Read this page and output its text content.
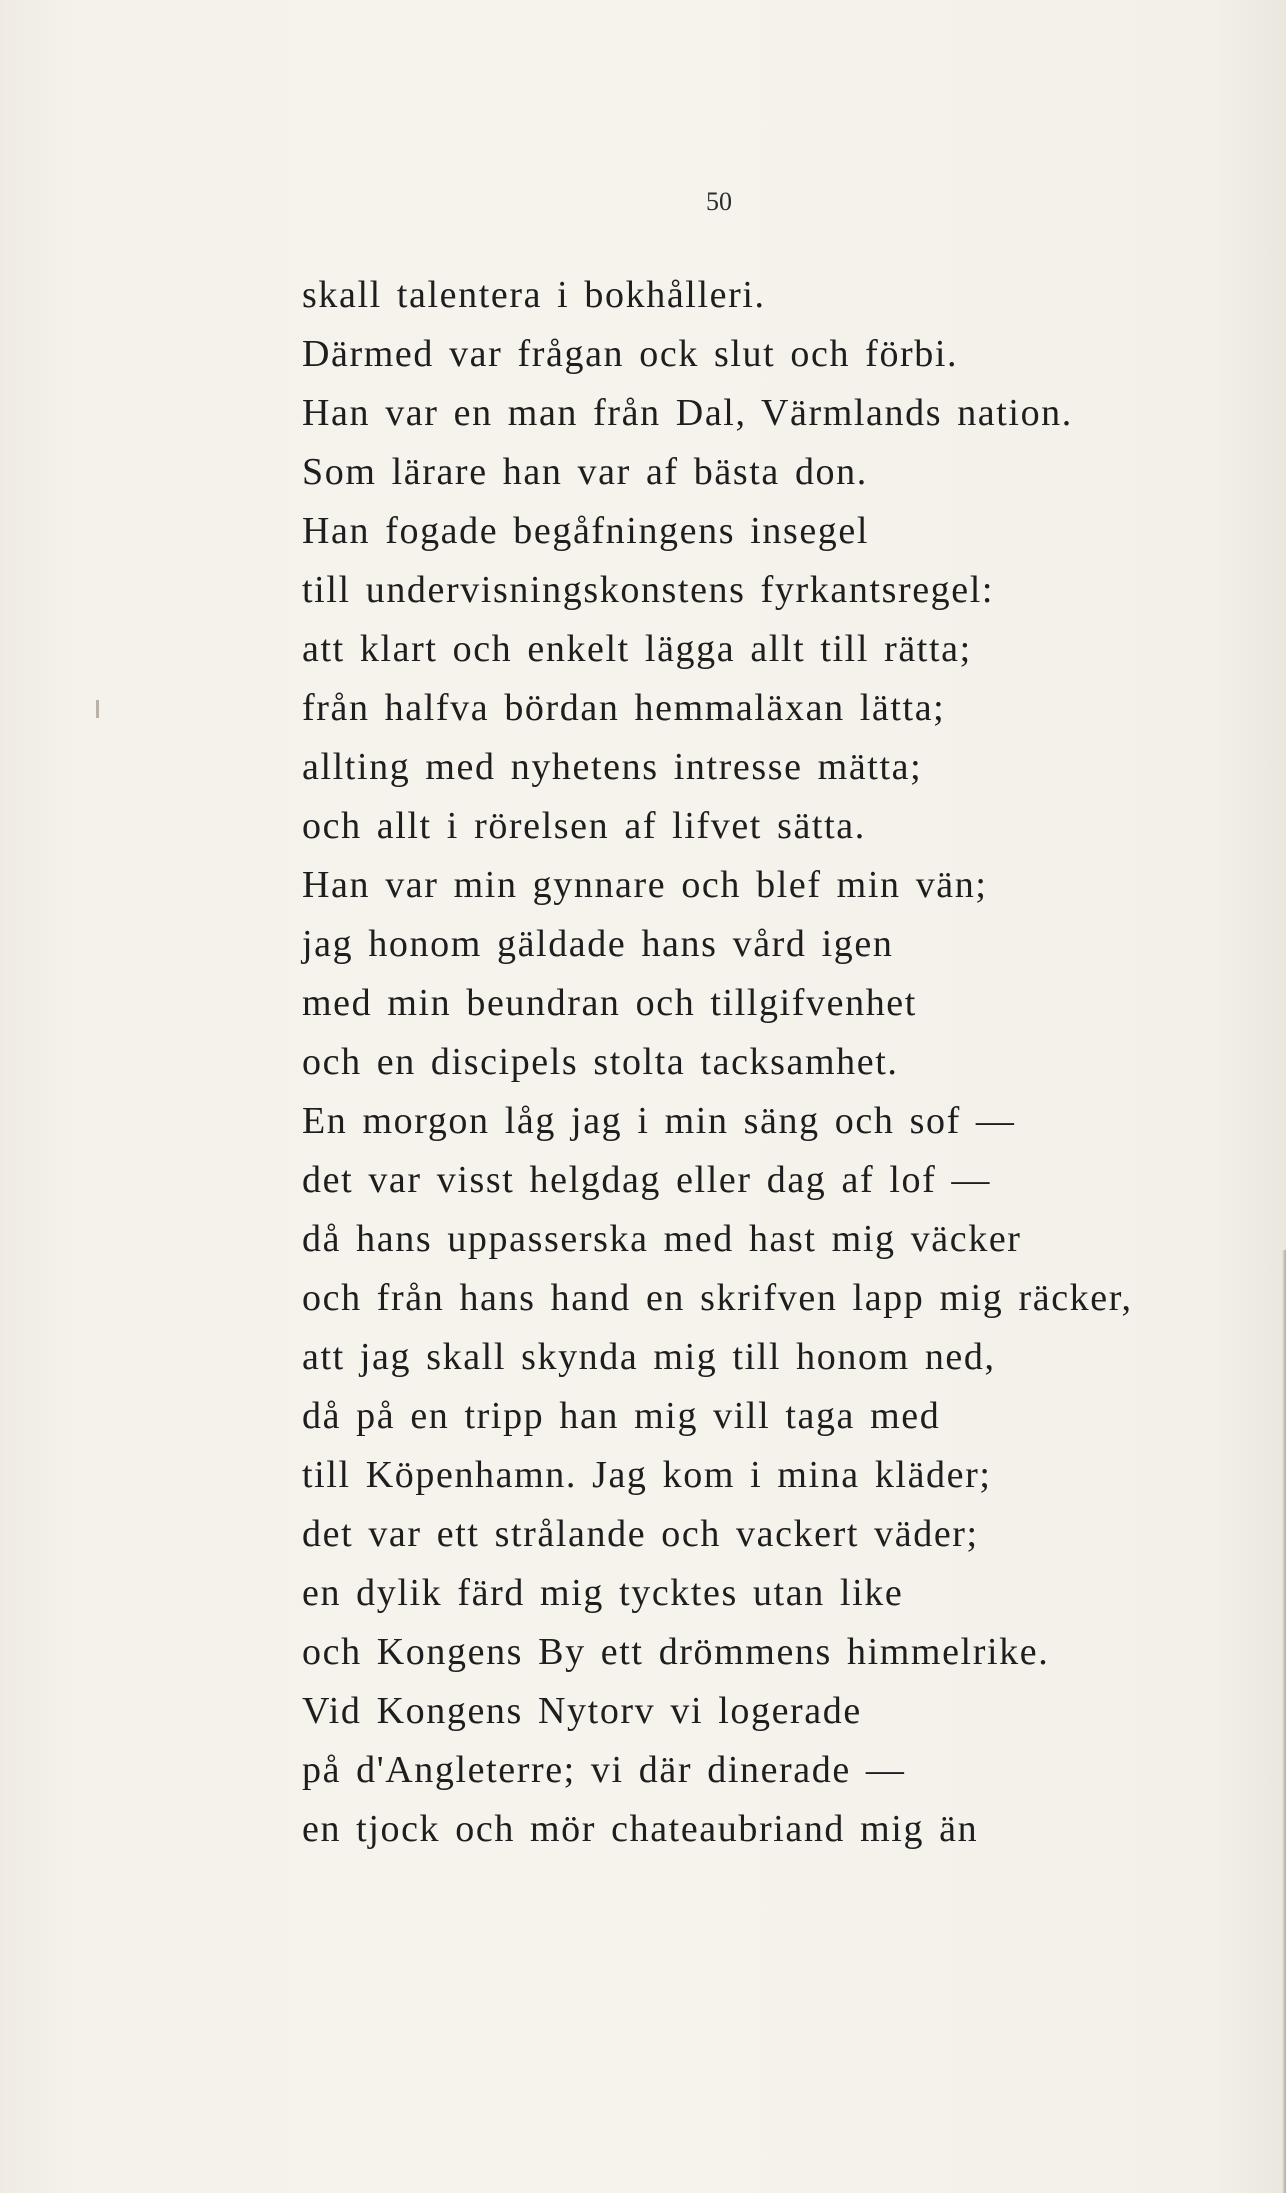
50
skall talentera i bokhålleri.
Därmed var frågan ock slut och förbi.
Han var en man från Dal, Värmlands nation.
Som lärare han var af bästa don.
Han fogade begåfningens insegel
till undervisningskonstens fyrkantsregel:
att klart och enkelt lägga allt till rätta;
från halfva bördan hemmaläxan lätta;
allting med nyhetens intresse mätta;
och allt i rörelsen af lifvet sätta.
Han var min gynnare och blef min vän;
jag honom gäldade hans vård igen
med min beundran och tillgifvenhet
och en discipels stolta tacksamhet.
En morgon låg jag i min säng och sof —
det var visst helgdag eller dag af lof —
då hans uppasserska med hast mig väcker
och från hans hand en skrifven lapp mig räcker,
att jag skall skynda mig till honom ned,
då på en tripp han mig vill taga med
till Köpenhamn. Jag kom i mina kläder;
det var ett strålande och vackert väder;
en dylik färd mig tycktes utan like
och Kongens By ett drömmens himmelrike.
Vid Kongens Nytorv vi logerade
på d'Angleterre; vi där dinerade —
en tjock och mör chateaubriand mig än
